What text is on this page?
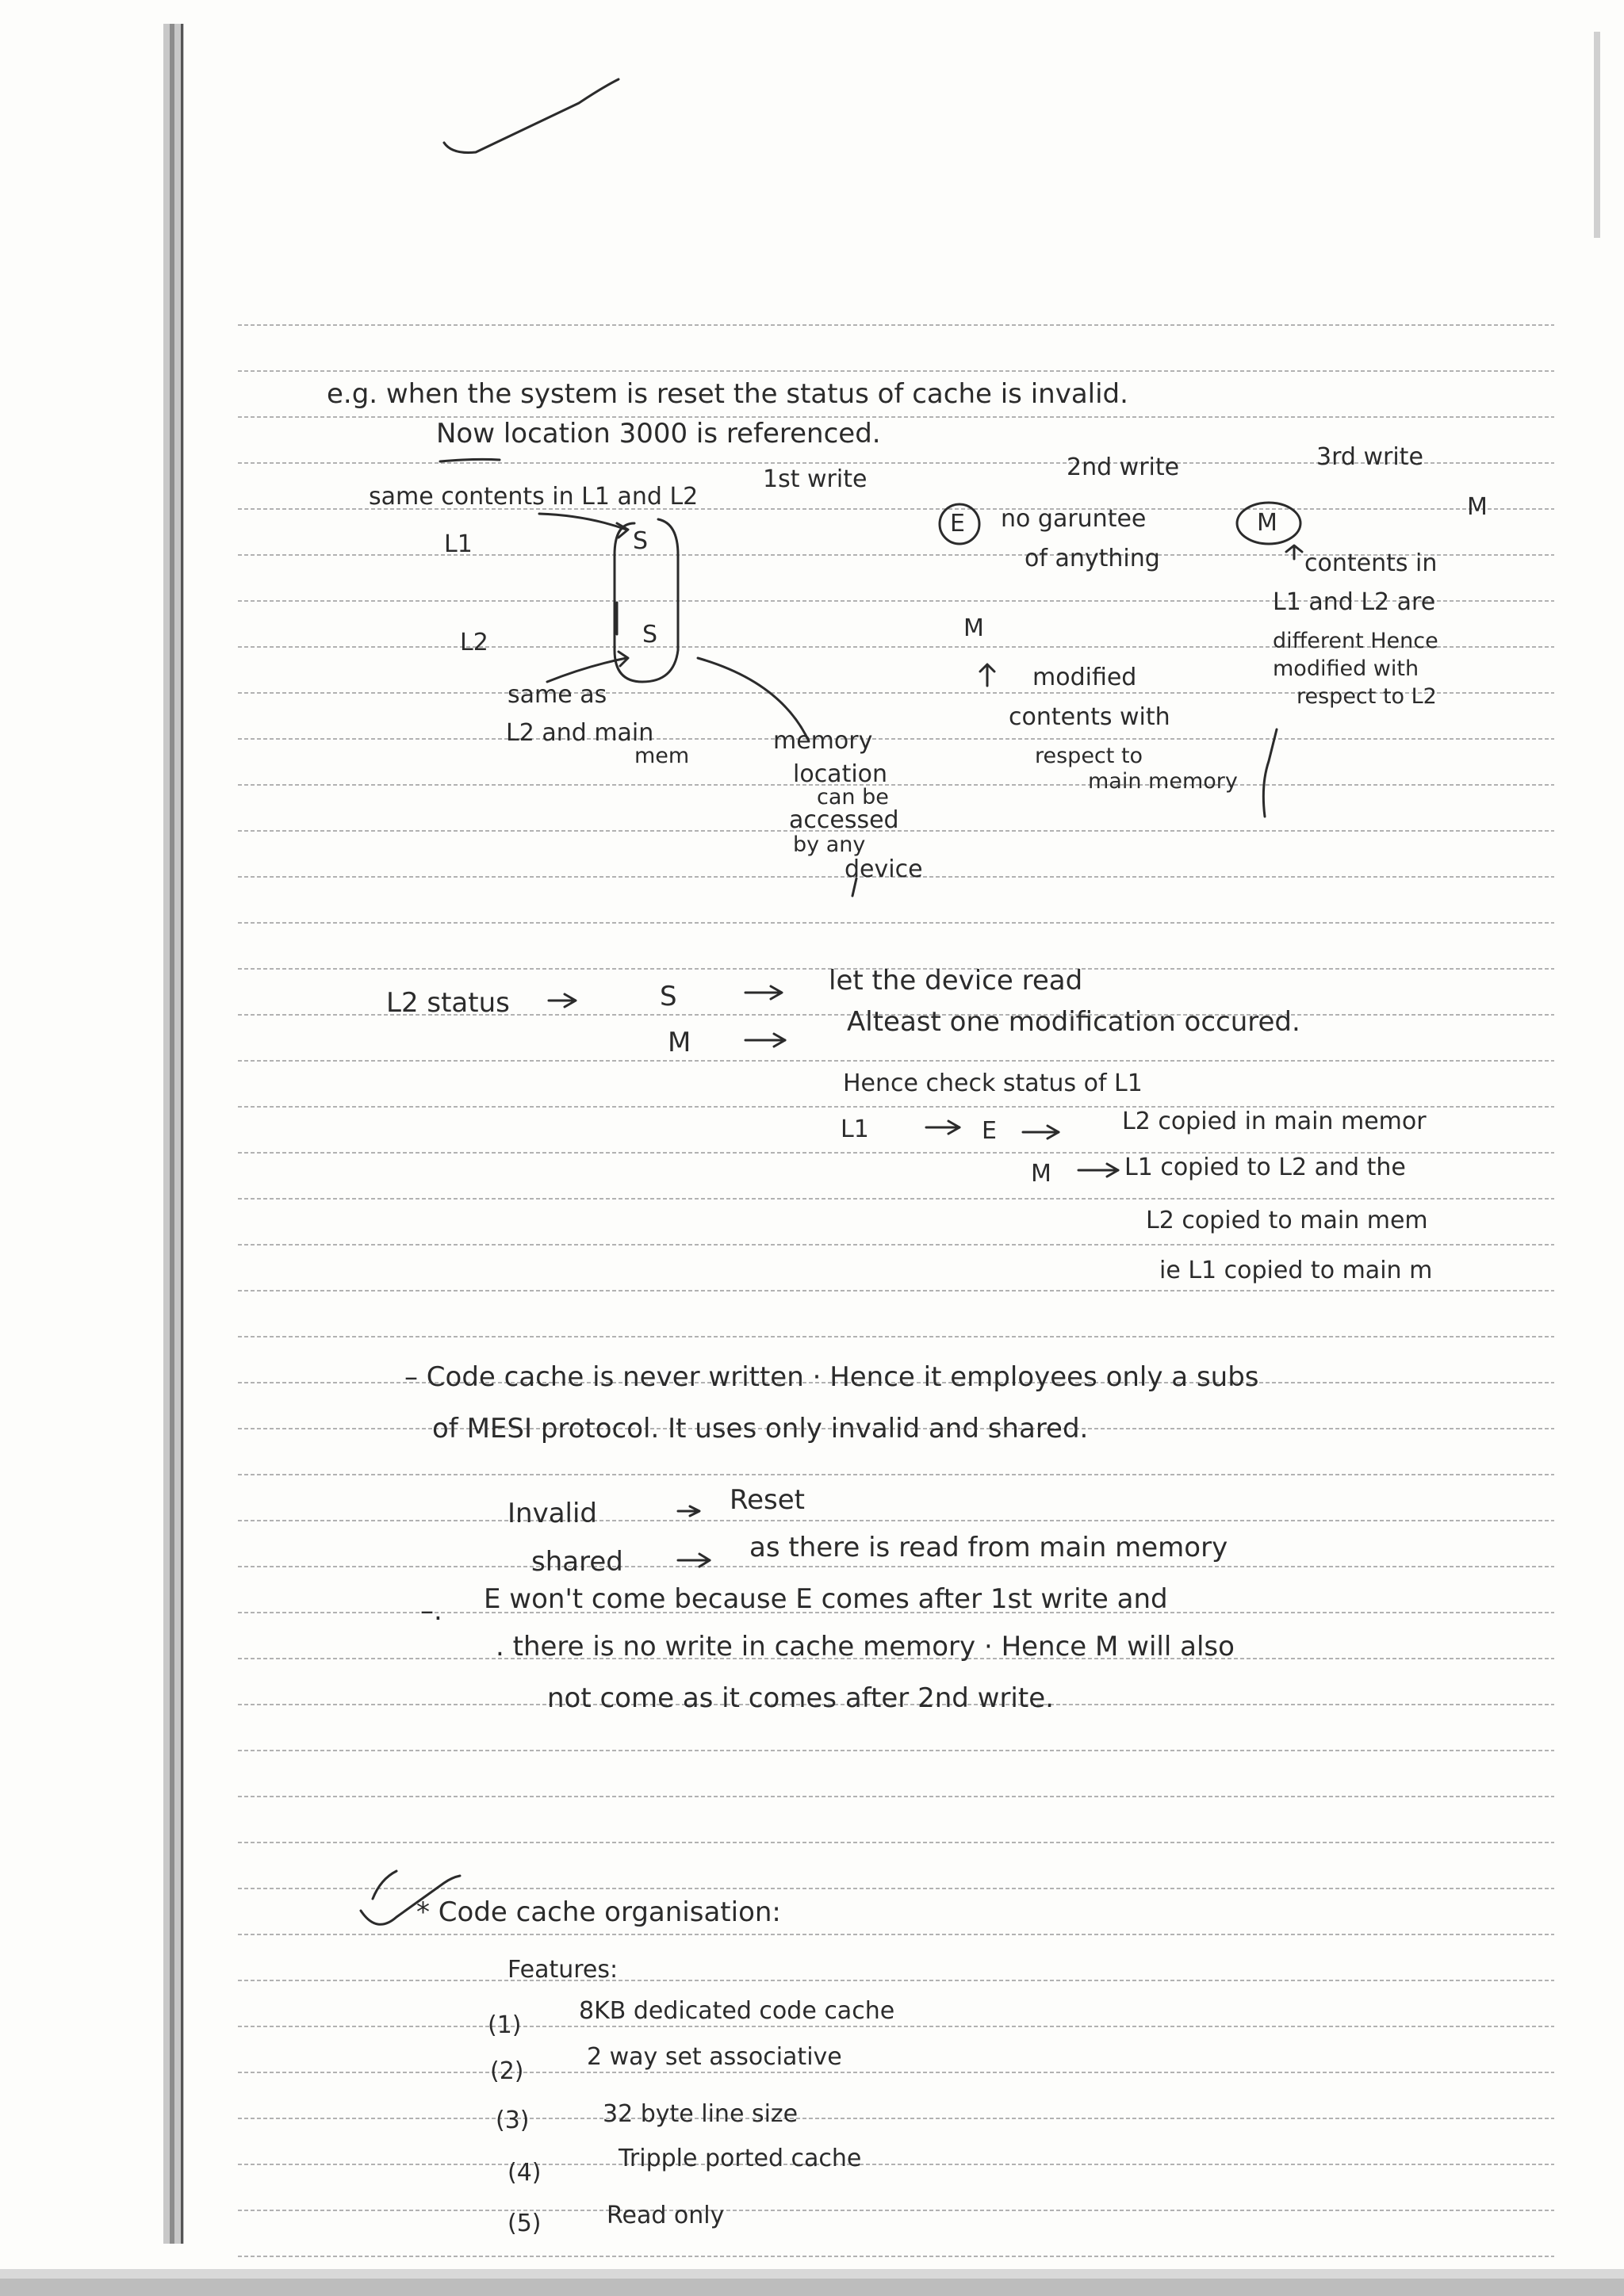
e.g. when the system is reset the status of cache is invalid.
Now location 3000 is referenced.
same contents in L1 and L2
1st write	2nd write	3rd write
L1	S
E no garuntee
of anything
M
M
contents in
L1 and L2 are
different Hence
modified with
respect to L2
L2	S	M
modified
contents with
respect to
main memory
same as
L2 and main
mem
memory
location
can be
accessed
by any
device
L2 status	S	let the device read
M
Alteast one modification occured.
Hence check status of L1
L1	E	L2 copied in main memor
M	L1 copied to L2 and the
L2 copied to main mem
ie L1 copied to main m
– Code cache is never written · Hence it employees only a subs
of MESI protocol. It uses only invalid and shared.
Invalid	Reset
shared	as there is read from main memory
–. E won't come because E comes after 1st write and
. there is no write in cache memory · Hence M will also
not come as it comes after 2nd write.
* Code cache organisation:
Features:
(1)
8KB dedicated code cache
(2)
2 way set associative
(3)	32 byte line size
(4)
Tripple ported cache
(5)	Read only
